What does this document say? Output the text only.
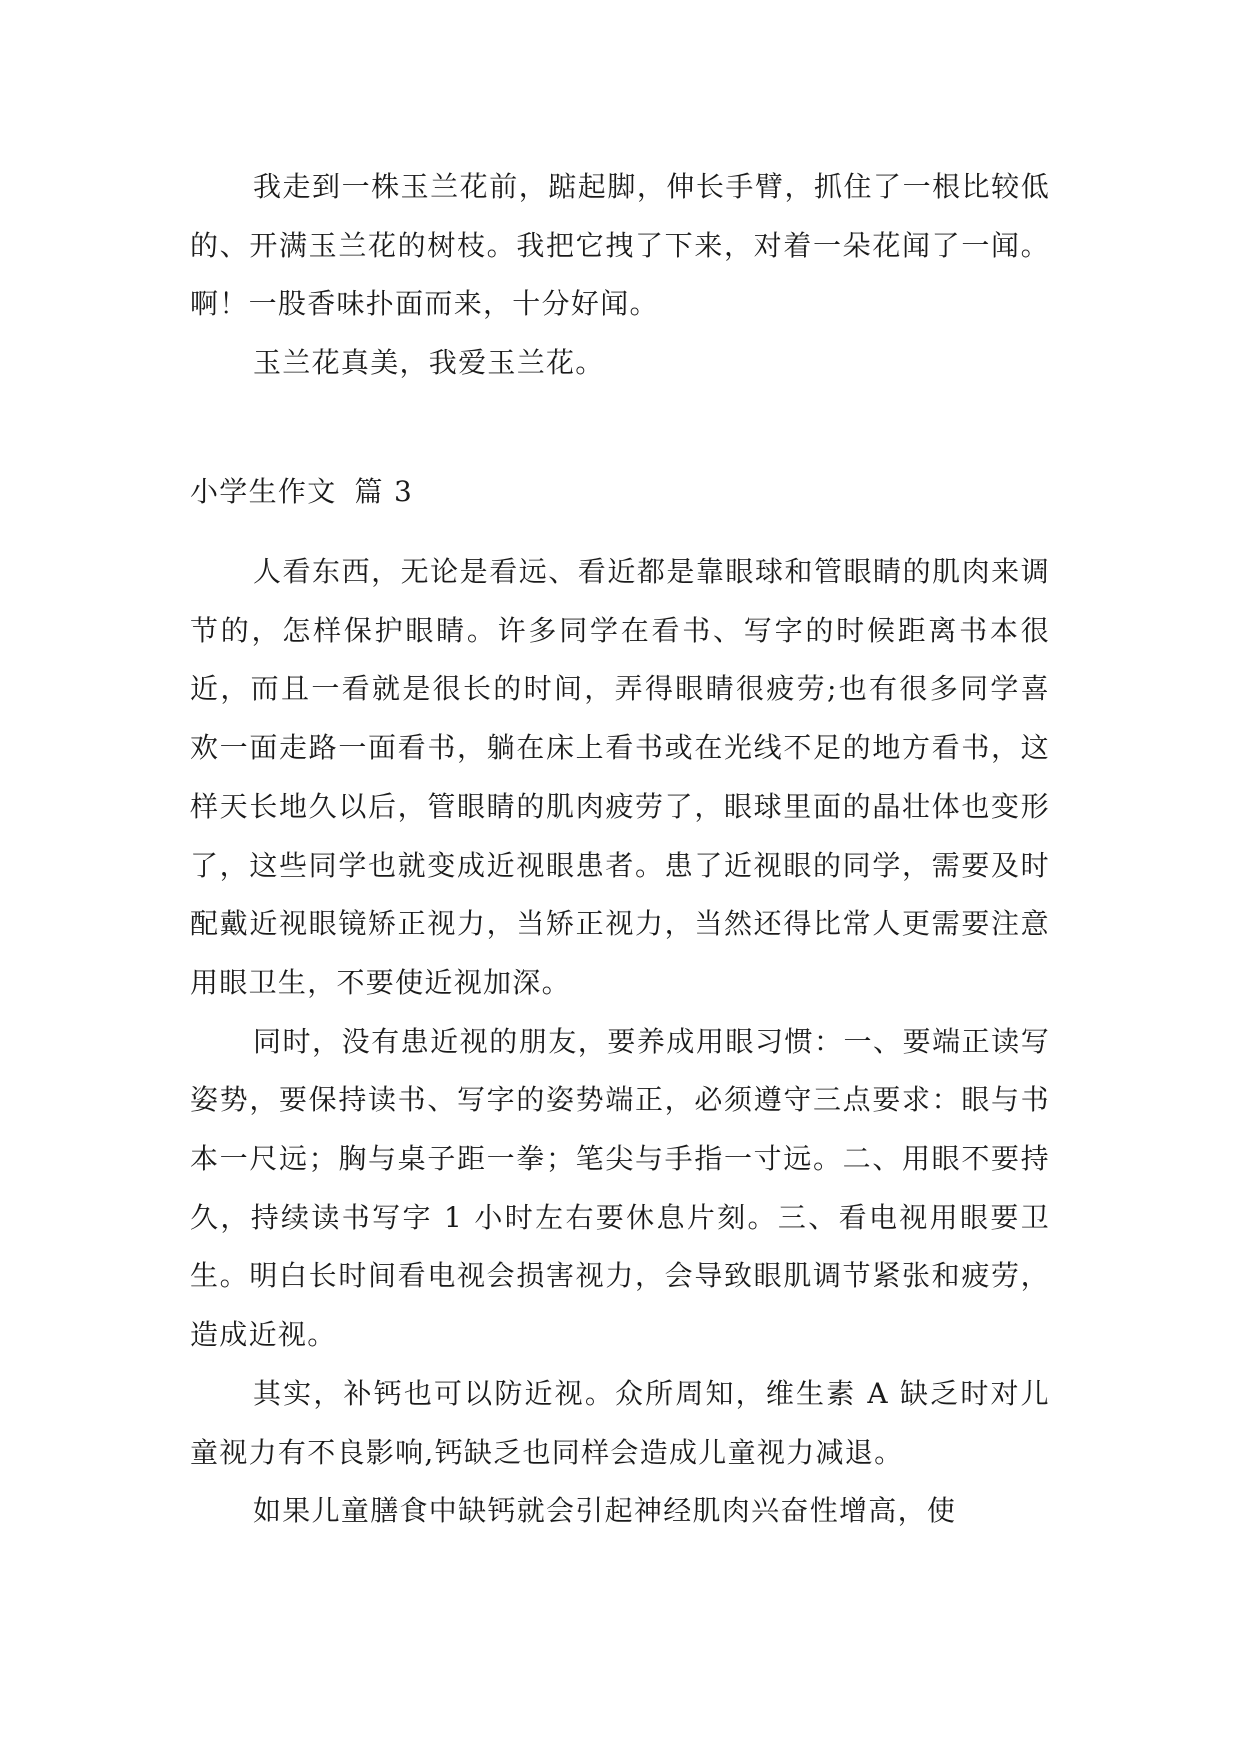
我走到一株玉兰花前，踮起脚，伸长手臂，抓住了一根比较低的、开满玉兰花的树枝。我把它拽了下来，对着一朵花闻了一闻。啊！一股香味扑面而来，十分好闻。

玉兰花真美，我爱玉兰花。

小学生作文 篇 3

人看东西，无论是看远、看近都是靠眼球和管眼睛的肌肉来调节的，怎样保护眼睛。许多同学在看书、写字的时候距离书本很近，而且一看就是很长的时间，弄得眼睛很疲劳;也有很多同学喜欢一面走路一面看书，躺在床上看书或在光线不足的地方看书，这样天长地久以后，管眼睛的肌肉疲劳了，眼球里面的晶壮体也变形了，这些同学也就变成近视眼患者。患了近视眼的同学，需要及时配戴近视眼镜矫正视力，当矫正视力，当然还得比常人更需要注意用眼卫生，不要使近视加深。

同时，没有患近视的朋友，要养成用眼习惯：一、要端正读写姿势，要保持读书、写字的姿势端正，必须遵守三点要求：眼与书本一尺远；胸与桌子距一拳；笔尖与手指一寸远。二、用眼不要持久，持续读书写字 1 小时左右要休息片刻。三、看电视用眼要卫生。明白长时间看电视会损害视力，会导致眼肌调节紧张和疲劳，造成近视。

其实，补钙也可以防近视。众所周知，维生素 A 缺乏时对儿童视力有不良影响,钙缺乏也同样会造成儿童视力减退。

如果儿童膳食中缺钙就会引起神经肌肉兴奋性增高，使
